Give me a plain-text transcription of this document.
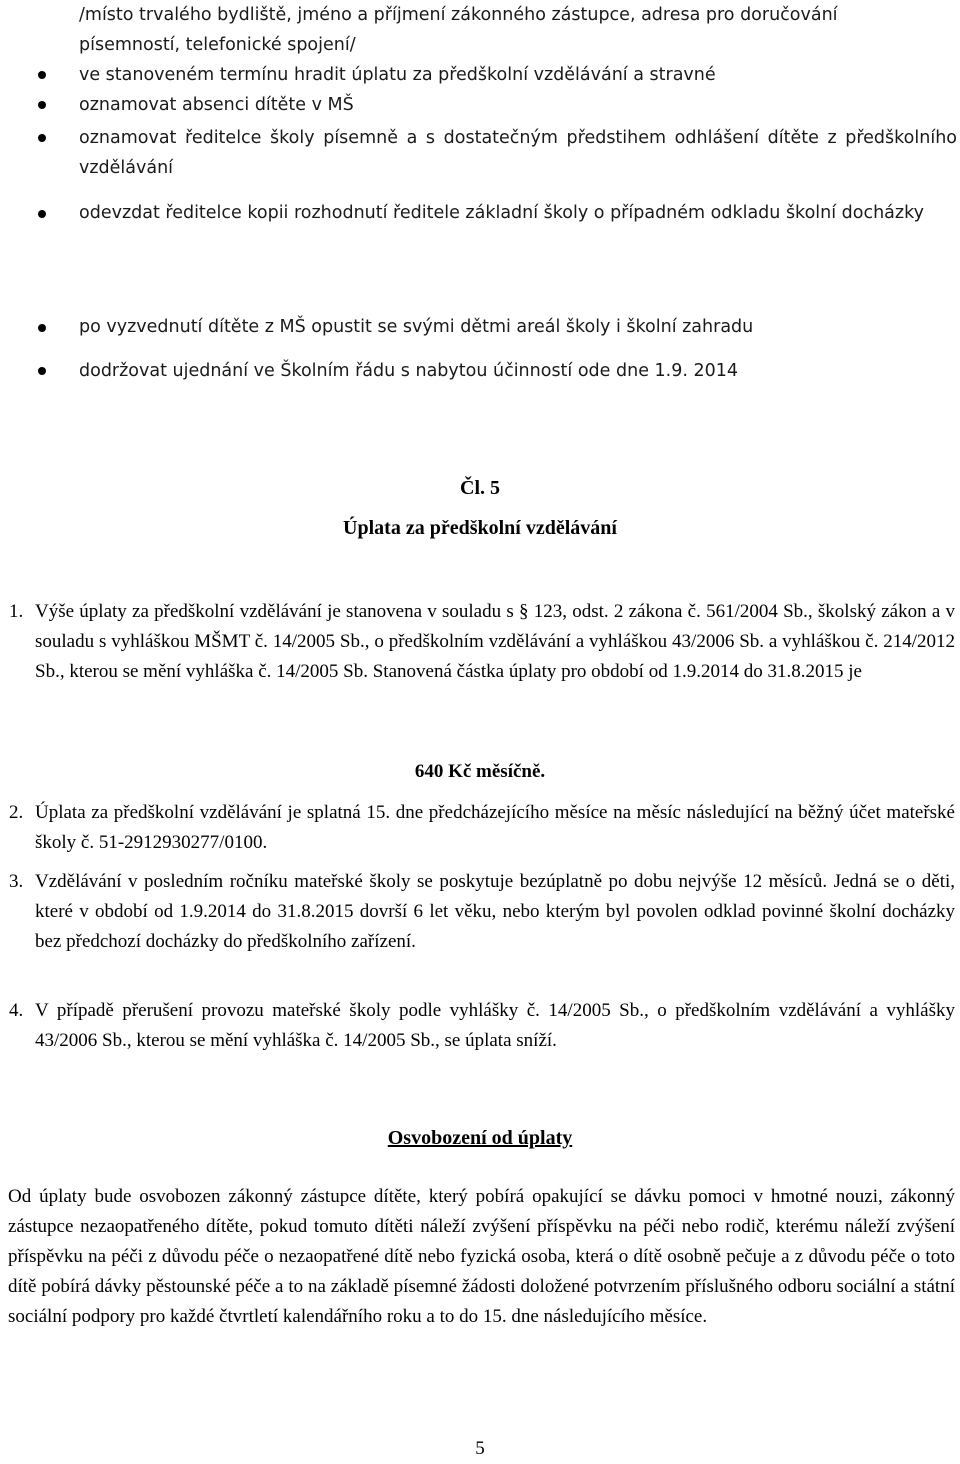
/místo trvalého bydliště, jméno a příjmení zákonného zástupce, adresa pro doručování

písemností, telefonické spojení/

ve stanoveném termínu hradit úplatu za předškolní vzdělávání a stravné

oznamovat absenci dítěte v MŠ

oznamovat ředitelce školy písemně a s dostatečným předstihem odhlášení dítěte z předškolního vzdělávání

odevzdat ředitelce kopii rozhodnutí ředitele základní školy o případném odkladu školní docházky

po vyzvednutí dítěte z MŠ opustit se svými dětmi areál školy i školní zahradu

dodržovat ujednání ve Školním řádu s nabytou účinností ode dne 1.9. 2014

Čl. 5

Úplata za předškolní vzdělávání

1. Výše úplaty za předškolní vzdělávání je stanovena v souladu s § 123, odst. 2 zákona č. 561/2004 Sb., školský zákon a v souladu s vyhláškou MŠMT č. 14/2005 Sb., o předškolním vzdělávání a vyhláškou 43/2006 Sb. a vyhláškou č. 214/2012 Sb., kterou se mění vyhláška č. 14/2005 Sb. Stanovená částka úplaty pro období od 1.9.2014 do 31.8.2015 je

640 Kč měsíčně.

2. Úplata za předškolní vzdělávání je splatná 15. dne předcházejícího měsíce na měsíc následující na běžný účet mateřské školy č. 51-2912930277/0100.

3. Vzdělávání v posledním ročníku mateřské školy se poskytuje bezúplatně po dobu nejvýše 12 měsíců. Jedná se o děti, které v období od 1.9.2014 do 31.8.2015 dovrší 6 let věku, nebo kterým byl povolen odklad povinné školní docházky bez předchozí docházky do předškolního zařízení.

4. V případě přerušení provozu mateřské školy podle vyhlášky č. 14/2005 Sb., o předškolním vzdělávání a vyhlášky 43/2006 Sb., kterou se mění vyhláška č. 14/2005 Sb., se úplata sníží.

Osvobození od úplaty

Od úplaty bude osvobozen zákonný zástupce dítěte, který pobírá opakující se dávku pomoci v hmotné nouzi, zákonný zástupce nezaopatřeného dítěte, pokud tomuto dítěti náleží zvýšení příspěvku na péči nebo rodič, kterému náleží zvýšení příspěvku na péči z důvodu péče o nezaopatřené dítě nebo fyzická osoba, která o dítě osobně pečuje a z důvodu péče o toto dítě pobírá dávky pěstounské péče a to na základě písemné žádosti doložené potvrzením příslušného odboru sociální a státní sociální podpory pro každé čtvrtletí kalendářního roku a to do 15. dne následujícího měsíce.

5
